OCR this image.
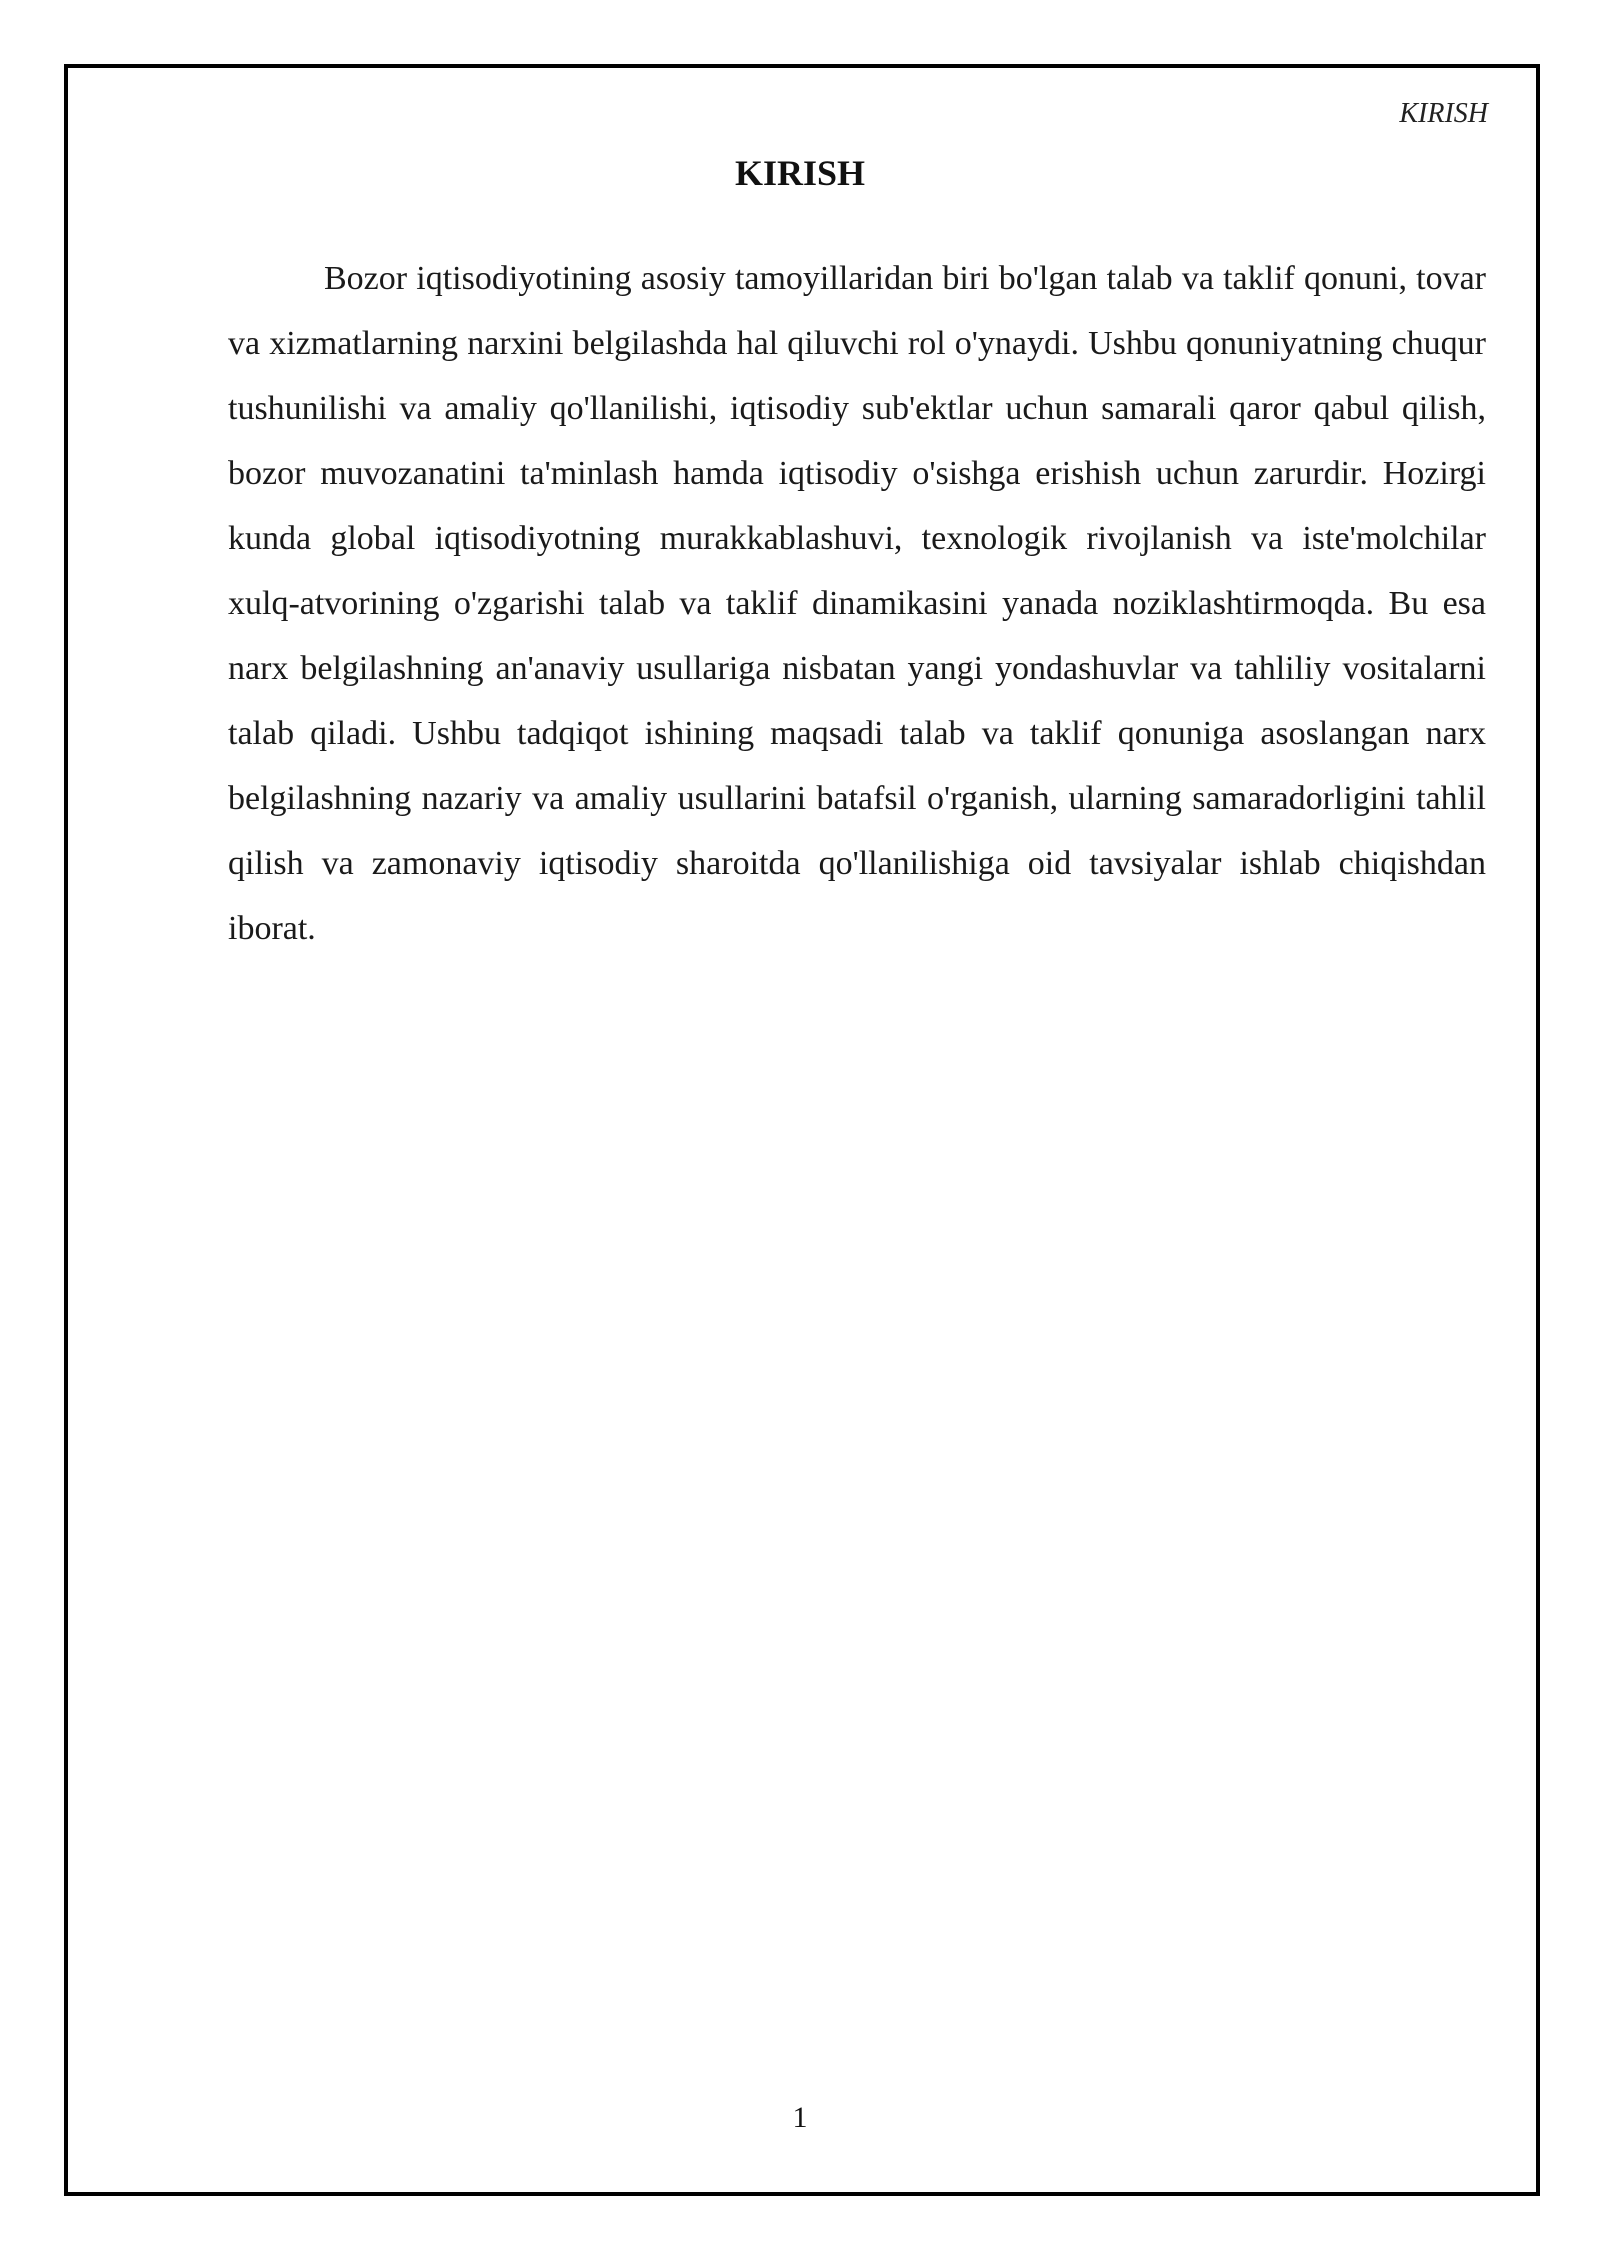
KIRISH
KIRISH

Bozor iqtisodiyotining asosiy tamoyillaridan biri bo'lgan talab va taklif qonuni, tovar va xizmatlarning narxini belgilashda hal qiluvchi rol o'ynaydi. Ushbu qonuniyatning chuqur tushunilishi va amaliy qo'llanilishi, iqtisodiy sub'ektlar uchun samarali qaror qabul qilish, bozor muvozanatini ta'minlash hamda iqtisodiy o'sishga erishish uchun zarurdir. Hozirgi kunda global iqtisodiyotning murakkablashuvi, texnologik rivojlanish va iste'molchilar xulq-atvorining o'zgarishi talab va taklif dinamikasini yanada noziklashtirmoqda. Bu esa narx belgilashning an'anaviy usullariga nisbatan yangi yondashuvlar va tahliliy vositalarni talab qiladi. Ushbu tadqiqot ishining maqsadi talab va taklif qonuniga asoslangan narx belgilashning nazariy va amaliy usullarini batafsil o'rganish, ularning samaradorligini tahlil qilish va zamonaviy iqtisodiy sharoitda qo'llanilishiga oid tavsiyalar ishlab chiqishdan iborat.

1
